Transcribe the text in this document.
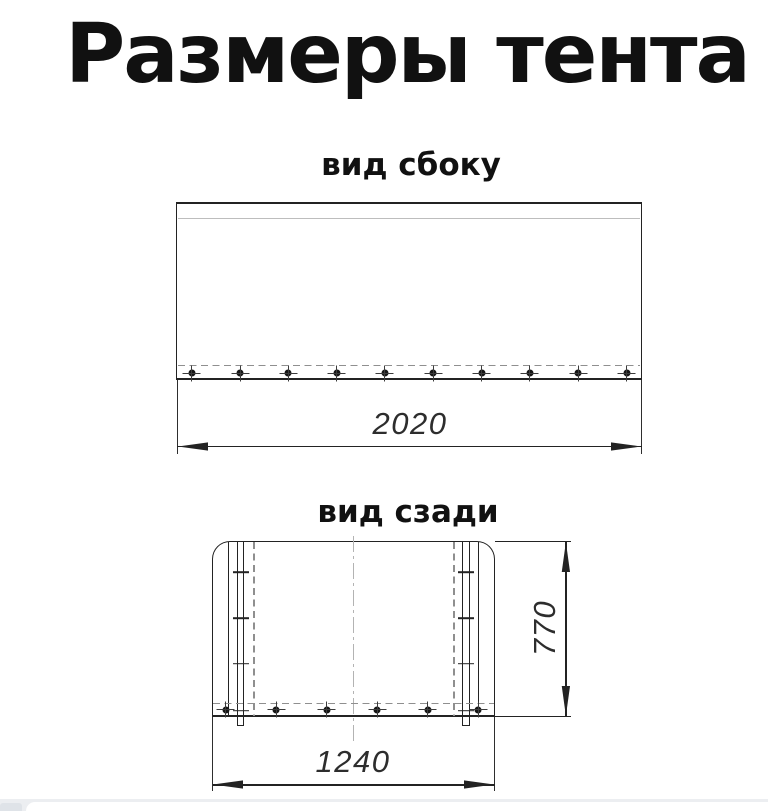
Размеры тента
вид сбоку
2020
вид сзади
1240
770
